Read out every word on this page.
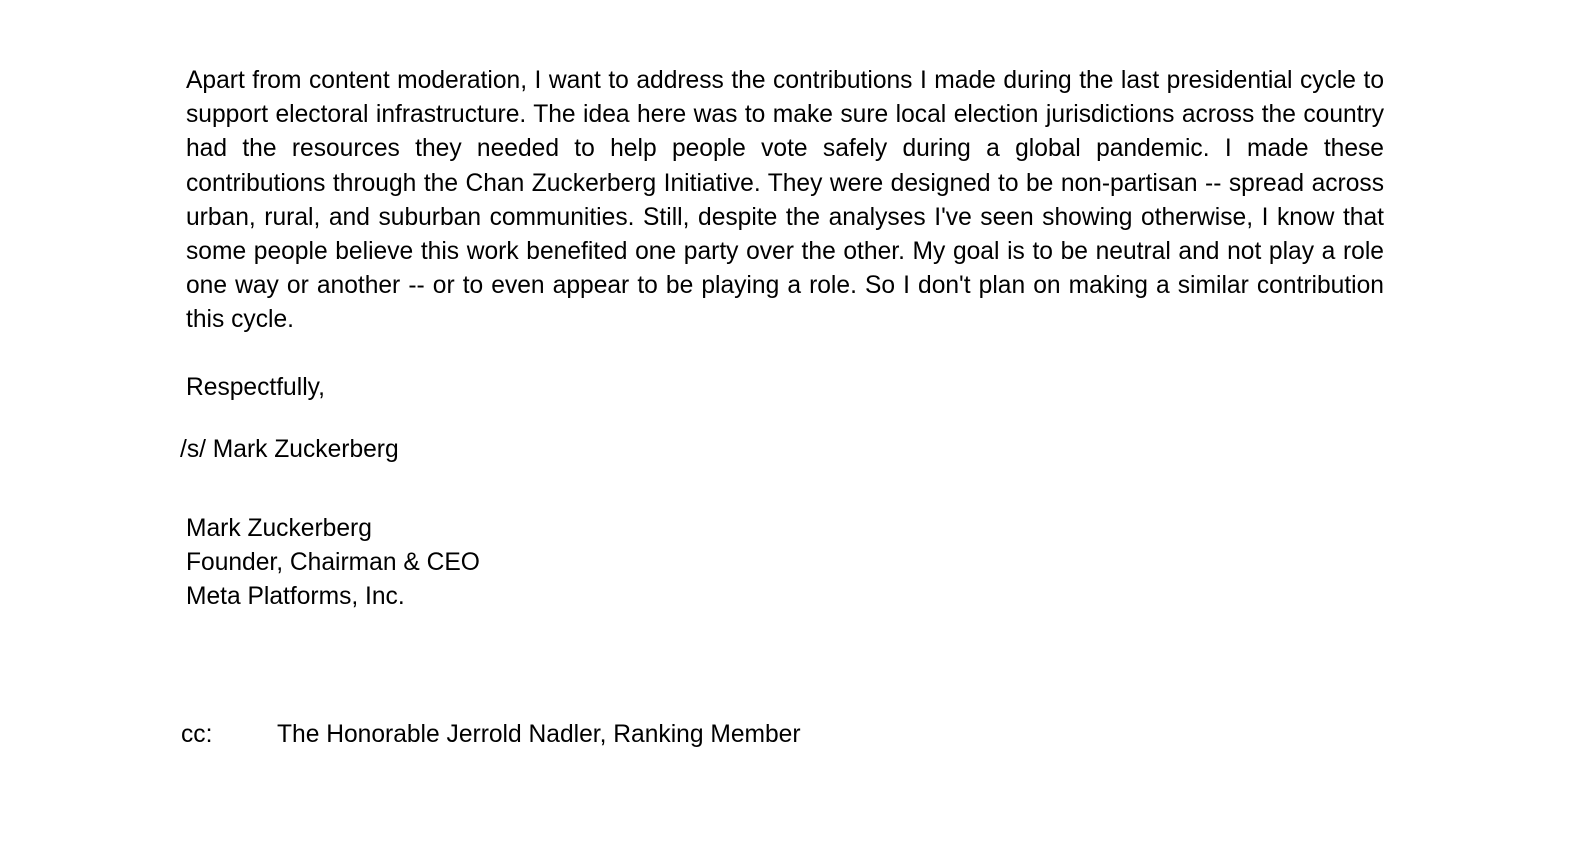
Apart from content moderation, I want to address the contributions I made during the last presidential cycle to support electoral infrastructure. The idea here was to make sure local election jurisdictions across the country had the resources they needed to help people vote safely during a global pandemic. I made these contributions through the Chan Zuckerberg Initiative. They were designed to be non-partisan -- spread across urban, rural, and suburban communities. Still, despite the analyses I've seen showing otherwise, I know that some people believe this work benefited one party over the other. My goal is to be neutral and not play a role one way or another -- or to even appear to be playing a role. So I don't plan on making a similar contribution this cycle.

Respectfully,

/s/ Mark Zuckerberg

Mark Zuckerberg
Founder, Chairman & CEO
Meta Platforms, Inc.
cc:	The Honorable Jerrold Nadler, Ranking Member
